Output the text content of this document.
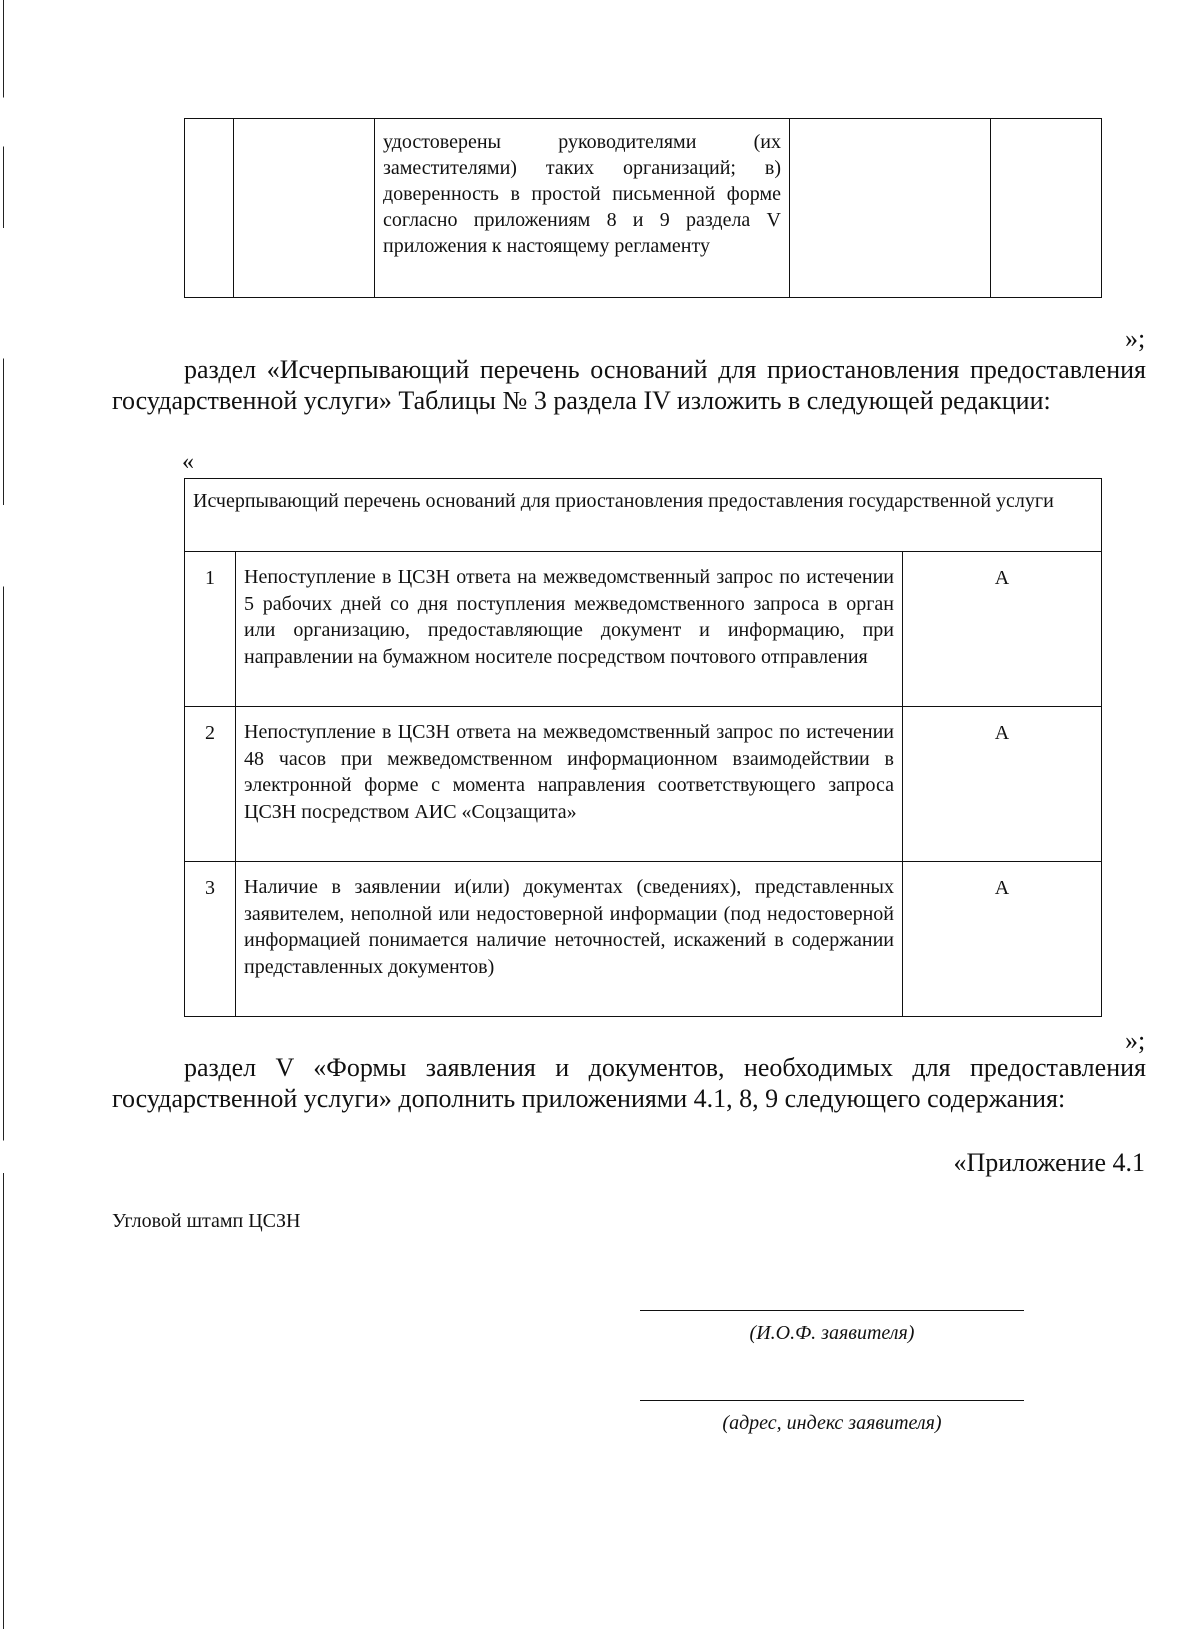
удостоверены руководителями (их заместителями) таких организаций; в) доверенность в простой письменной форме согласно приложениям 8 и 9 раздела V приложения к настоящему регламенту

»;
раздел «Исчерпывающий перечень оснований для приостановления предоставления государственной услуги» Таблицы № 3 раздела IV изложить в следующей редакции:
«
Исчерпывающий перечень оснований для приостановления предоставления государственной услуги		
1	Непоступление в ЦСЗН ответа на межведомственный запрос по истечении 5 рабочих дней со дня поступления межведомственного запроса в орган или организацию, предоставляющие документ и информацию, при направлении на бумажном носителе посредством почтового отправления	А
2	Непоступление в ЦСЗН ответа на межведомственный запрос по истечении 48 часов при межведомственном информационном взаимодействии в электронной форме с момента направления соответствующего запроса ЦСЗН посредством АИС «Соцзащита»	А
3	Наличие в заявлении и(или) документах (сведениях), представленных заявителем, неполной или недостоверной информации (под недостоверной информацией понимается наличие неточностей, искажений в содержании представленных документов)	А
»;
раздел V «Формы заявления и документов, необходимых для предоставления государственной услуги» дополнить приложениями 4.1, 8, 9 следующего содержания:
«Приложение 4.1
Угловой штамп ЦСЗН
(И.О.Ф. заявителя)
(адрес, индекс заявителя)
